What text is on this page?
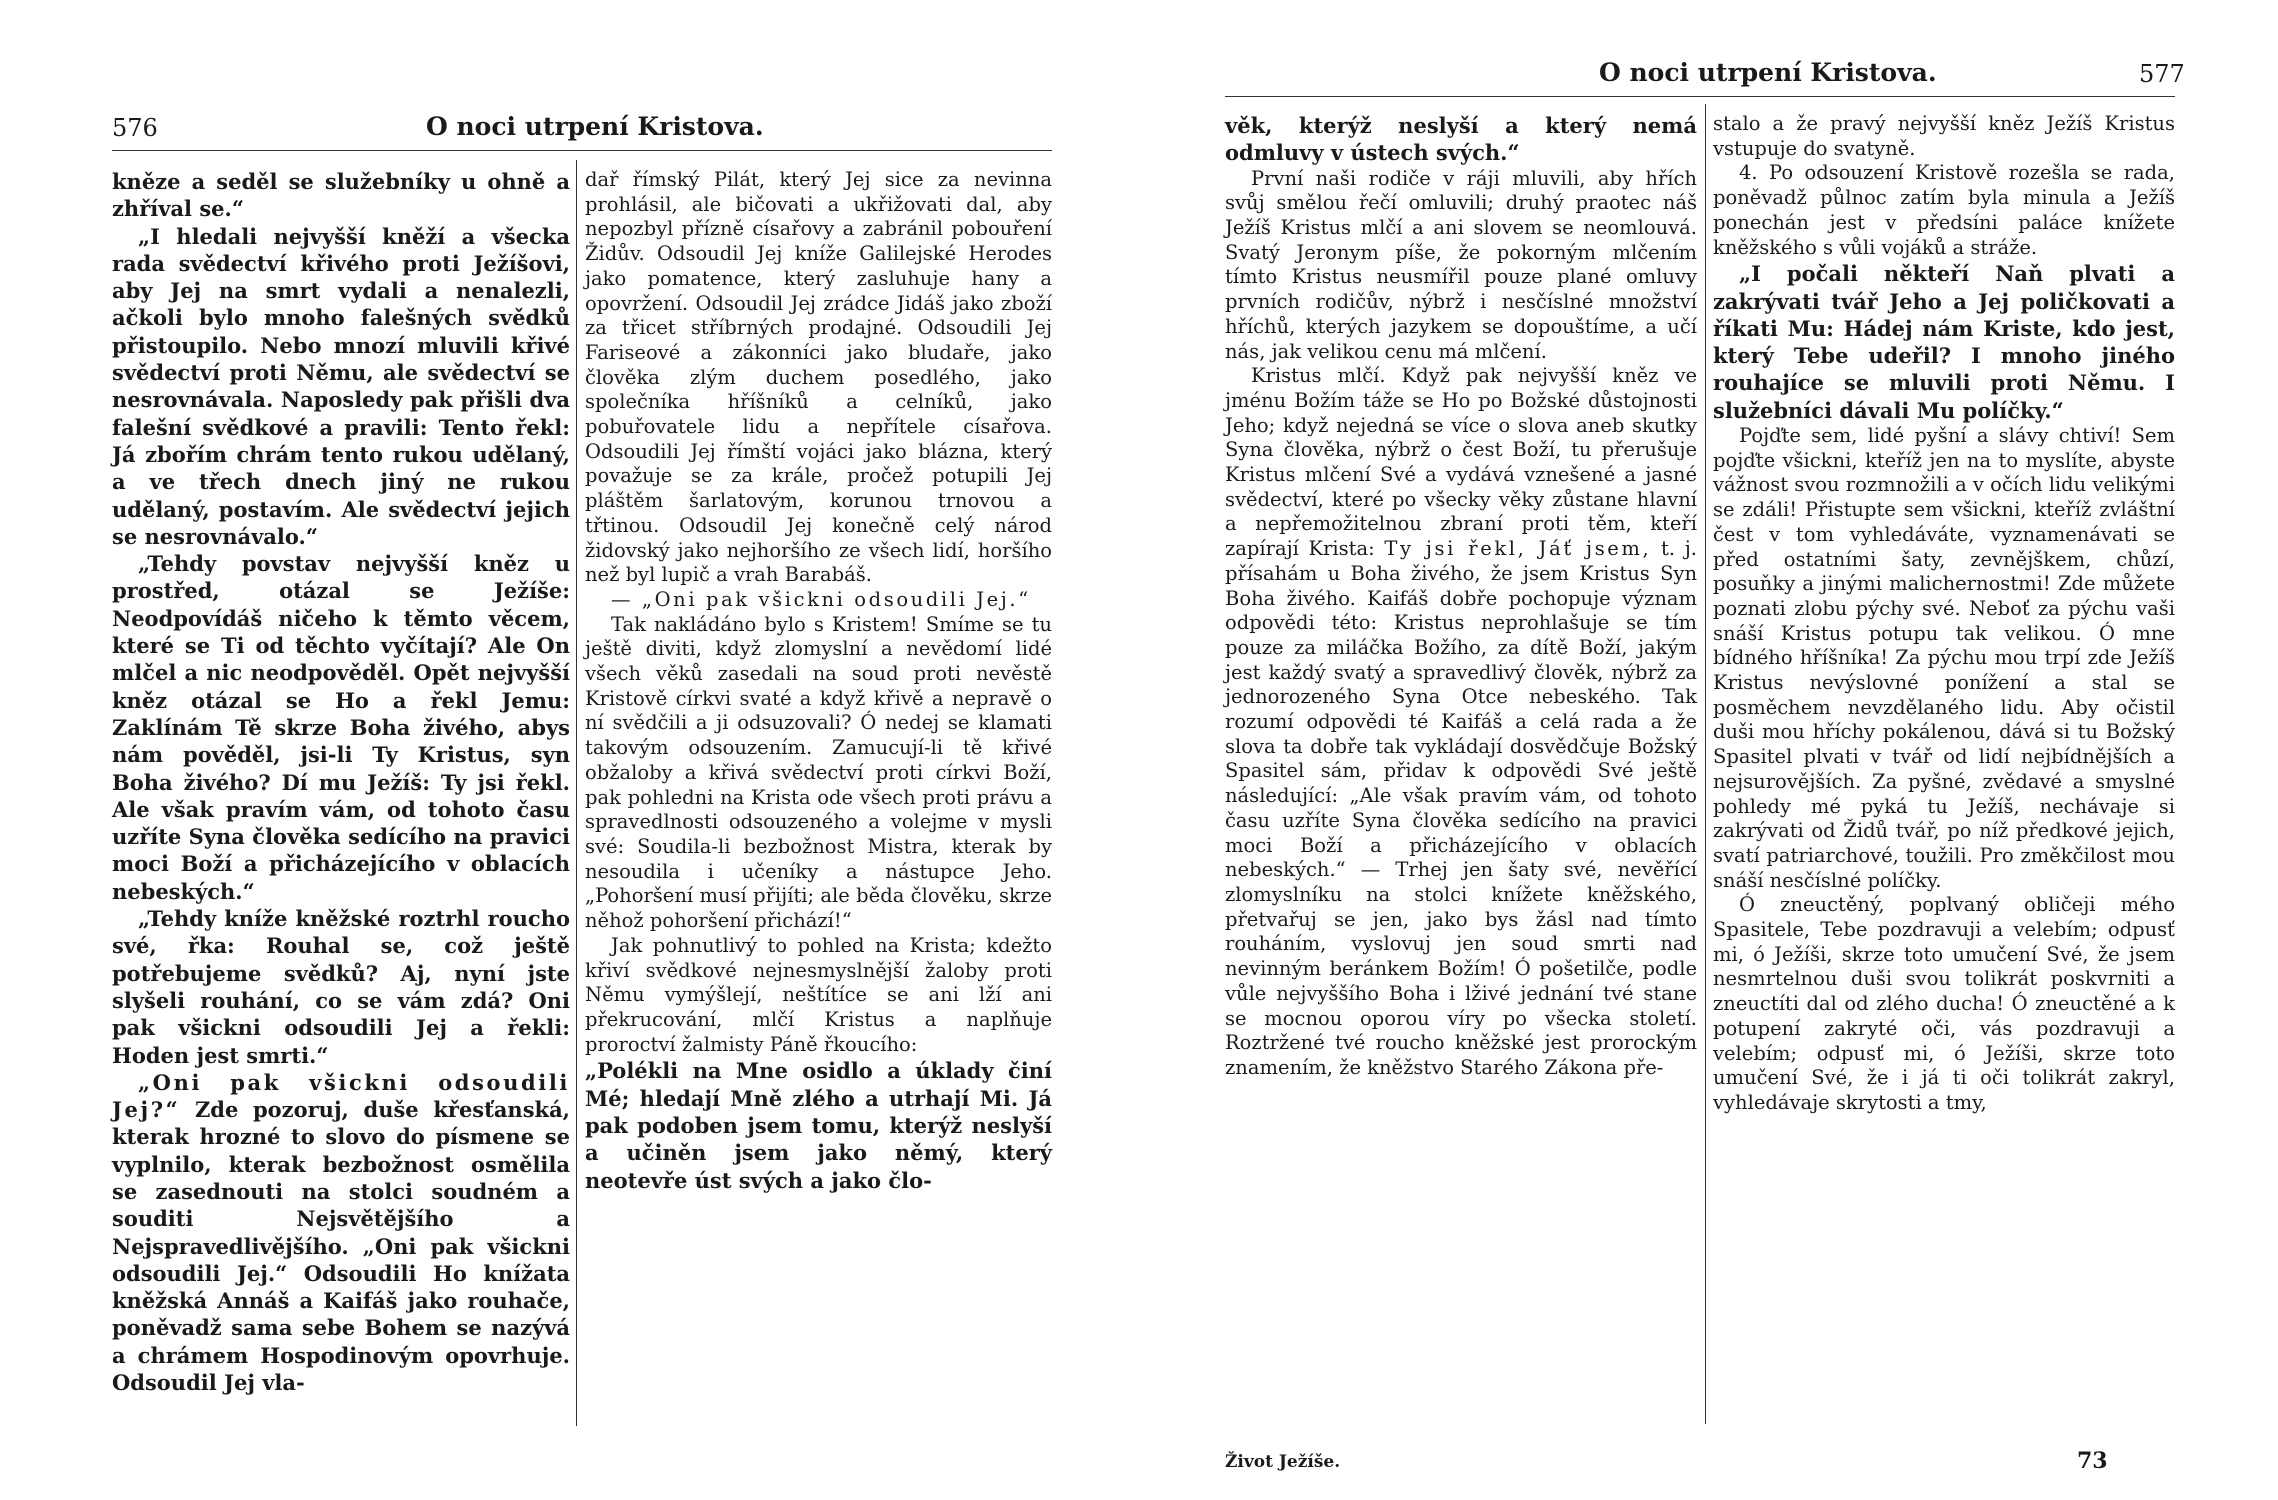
576	O noci utrpení Kristova.

kněze a seděl se služebníky u ohně a zhříval se.“

„I hledali nejvyšší kněží a všecka rada svědectví křivého proti Ježíšovi, aby Jej na smrt vydali a nenalezli, ačkoli bylo mnoho falešných svědků přistoupilo. Nebo mnozí mluvili křivé svědectví proti Němu, ale svědectví se nesrovnávala. Naposledy pak přišli dva falešní svědkové a pravili: Tento řekl: Já zbořím chrám tento rukou udělaný, a ve třech dnech jiný ne rukou udělaný, postavím. Ale svědectví jejich se nesrovnávalo.“

„Tehdy povstav nejvyšší kněz u prostřed, otázal se Ježíše: Neodpovídáš ničeho k těmto věcem, které se Ti od těchto vyčítají? Ale On mlčel a nic neodpověděl. Opět nejvyšší kněz otázal se Ho a řekl Jemu: Zaklínám Tě skrze Boha živého, abys nám pověděl, jsi-li Ty Kristus, syn Boha živého? Dí mu Ježíš: Ty jsi řekl. Ale však pravím vám, od tohoto času uzříte Syna člověka sedícího na pravici moci Boží a přicházejícího v oblacích nebeských.“

„Tehdy kníže kněžské roztrhl roucho své, řka: Rouhal se, což ještě potřebujeme svědků? Aj, nyní jste slyšeli rouhání, co se vám zdá? Oni pak všickni odsoudili Jej a řekli: Hoden jest smrti.“

„Oni pak všickni odsoudili Jej?“ Zde pozoruj, duše křesťanská, kterak hrozné to slovo do písmene se vyplnilo, kterak bezbožnost osmělila se zasednouti na stolci soudném a souditi Nejsvětějšího a Nejspravedlivějšího. „Oni pak všickni odsoudili Jej.“ Odsoudili Ho knížata kněžská Annáš a Kaifáš jako rouhače, poněvadž sama sebe Bohem se nazývá a chrámem Hospodinovým opovrhuje. Odsoudil Jej vla-

dař římský Pilát, který Jej sice za nevinna prohlásil, ale bičovati a ukřižovati dal, aby nepozbyl přízně císařovy a zabránil pobouření Židův. Odsoudil Jej kníže Galilejské Herodes jako pomatence, který zasluhuje hany a opovržení. Odsoudil Jej zrádce Jidáš jako zboží za třicet stříbrných prodajné. Odsoudili Jej Fariseové a zákonníci jako bludaře, jako člověka zlým duchem posedlého, jako společníka hříšníků a celníků, jako pobuřovatele lidu a nepřítele císařova. Odsoudili Jej římští vojáci jako blázna, který považuje se za krále, pročež potupili Jej pláštěm šarlatovým, korunou trnovou a třtinou. Odsoudil Jej konečně celý národ židovský jako nejhoršího ze všech lidí, horšího než byl lupič a vrah Barabáš.

— „Oni pak všickni odsoudili Jej.“

Tak nakládáno bylo s Kristem! Smíme se tu ještě diviti, když zlomyslní a nevědomí lidé všech věků zasedali na soud proti nevěstě Kristově církvi svaté a když křivě a nepravě o ní svědčili a ji odsuzovali? Ó nedej se klamati takovým odsouzením. Zamucují-li tě křivé obžaloby a křivá svědectví proti církvi Boží, pak pohledni na Krista ode všech proti právu a spravedlnosti odsouzeného a volejme v mysli své: Soudila-li bezbožnost Mistra, kterak by nesoudila i učeníky a nástupce Jeho. „Pohoršení musí přijíti; ale běda člověku, skrze něhož pohoršení přichází!“

Jak pohnutlivý to pohled na Krista; kdežto křiví svědkové nejnesmyslnější žaloby proti Němu vymýšlejí, neštítíce se ani lží ani překrucování, mlčí Kristus a naplňuje proroctví žalmisty Páně řkoucího:

„Polékli na Mne osidlo a úklady činí Mé; hledají Mně zlého a utrhají Mi. Já pak podoben jsem tomu, kterýž neslyší a učiněn jsem jako němý, který neotevře úst svých a jako člo-

O noci utrpení Kristova.	577

věk, kterýž neslyší a který nemá odmluvy v ústech svých.“

První naši rodiče v ráji mluvili, aby hřích svůj smělou řečí omluvili; druhý praotec náš Ježíš Kristus mlčí a ani slovem se neomlouvá. Svatý Jeronym píše, že pokorným mlčením tímto Kristus neusmířil pouze plané omluvy prvních rodičův, nýbrž i nesčíslné množství hříchů, kterých jazykem se dopouštíme, a učí nás, jak velikou cenu má mlčení.

Kristus mlčí. Když pak nejvyšší kněz ve jménu Božím táže se Ho po Božské důstojnosti Jeho; když nejedná se více o slova aneb skutky Syna člověka, nýbrž o čest Boží, tu přerušuje Kristus mlčení Své a vydává vznešené a jasné svědectví, které po všecky věky zůstane hlavní a nepřemožitelnou zbraní proti těm, kteří zapírají Krista: Ty jsi řekl, Jáť jsem, t. j. přísahám u Boha živého, že jsem Kristus Syn Boha živého. Kaifáš dobře pochopuje význam odpovědi této: Kristus neprohlašuje se tím pouze za miláčka Božího, za dítě Boží, jakým jest každý svatý a spravedlivý člověk, nýbrž za jednorozeného Syna Otce nebeského. Tak rozumí odpovědi té Kaifáš a celá rada a že slova ta dobře tak vykládají dosvědčuje Božský Spasitel sám, přidav k odpovědi Své ještě následující: „Ale však pravím vám, od tohoto času uzříte Syna člověka sedícího na pravici moci Boží a přicházejícího v oblacích nebeských.“ — Trhej jen šaty své, nevěřící zlomyslníku na stolci knížete kněžského, přetvařuj se jen, jako bys žásl nad tímto rouháním, vyslovuj jen soud smrti nad nevinným beránkem Božím! Ó pošetilče, podle vůle nejvyššího Boha i lživé jednání tvé stane se mocnou oporou víry po všecka století. Roztržené tvé roucho kněžské jest prorockým znamením, že kněžstvo Starého Zákona pře-

stalo a že pravý nejvyšší kněz Ježíš Kristus vstupuje do svatyně.

4. Po odsouzení Kristově rozešla se rada, poněvadž půlnoc zatím byla minula a Ježíš ponechán jest v předsíni paláce knížete kněžského s vůli vojáků a stráže.

„I počali někteří Naň plvati a zakrývati tvář Jeho a Jej poličkovati a říkati Mu: Hádej nám Kriste, kdo jest, který Tebe udeřil? I mnoho jiného rouhajíce se mluvili proti Němu. I služebníci dávali Mu políčky.“

Pojďte sem, lidé pyšní a slávy chtiví! Sem pojďte všickni, kteříž jen na to myslíte, abyste vážnost svou rozmnožili a v očích lidu velikými se zdáli! Přistupte sem všickni, kteříž zvláštní čest v tom vyhledáváte, vyznamenávati se před ostatními šaty, zevnějškem, chůzí, posuňky a jinými malichernostmi! Zde můžete poznati zlobu pýchy své. Neboť za pýchu vaši snáší Kristus potupu tak velikou. Ó mne bídného hříšníka! Za pýchu mou trpí zde Ježíš Kristus nevýslovné ponížení a stal se posměchem nevzdělaného lidu. Aby očistil duši mou hříchy pokálenou, dává si tu Božský Spasitel plvati v tvář od lidí nejbídnějších a nejsurovějších. Za pyšné, zvědavé a smyslné pohledy mé pyká tu Ježíš, nechávaje si zakrývati od Židů tvář, po níž předkové jejich, svatí patriarchové, toužili. Pro změkčilost mou snáší nesčíslné políčky.

Ó zneuctěný, poplvaný obličeji mého Spasitele, Tebe pozdravuji a velebím; odpusť mi, ó Ježíši, skrze toto umučení Své, že jsem nesmrtelnou duši svou tolikrát poskvrniti a zneuctíti dal od zlého ducha! Ó zneuctěné a k potupení zakryté oči, vás pozdravuji a velebím; odpusť mi, ó Ježíši, skrze toto umučení Své, že i já ti oči tolikrát zakryl, vyhledávaje skrytosti a tmy,

Život Ježíše.	73
